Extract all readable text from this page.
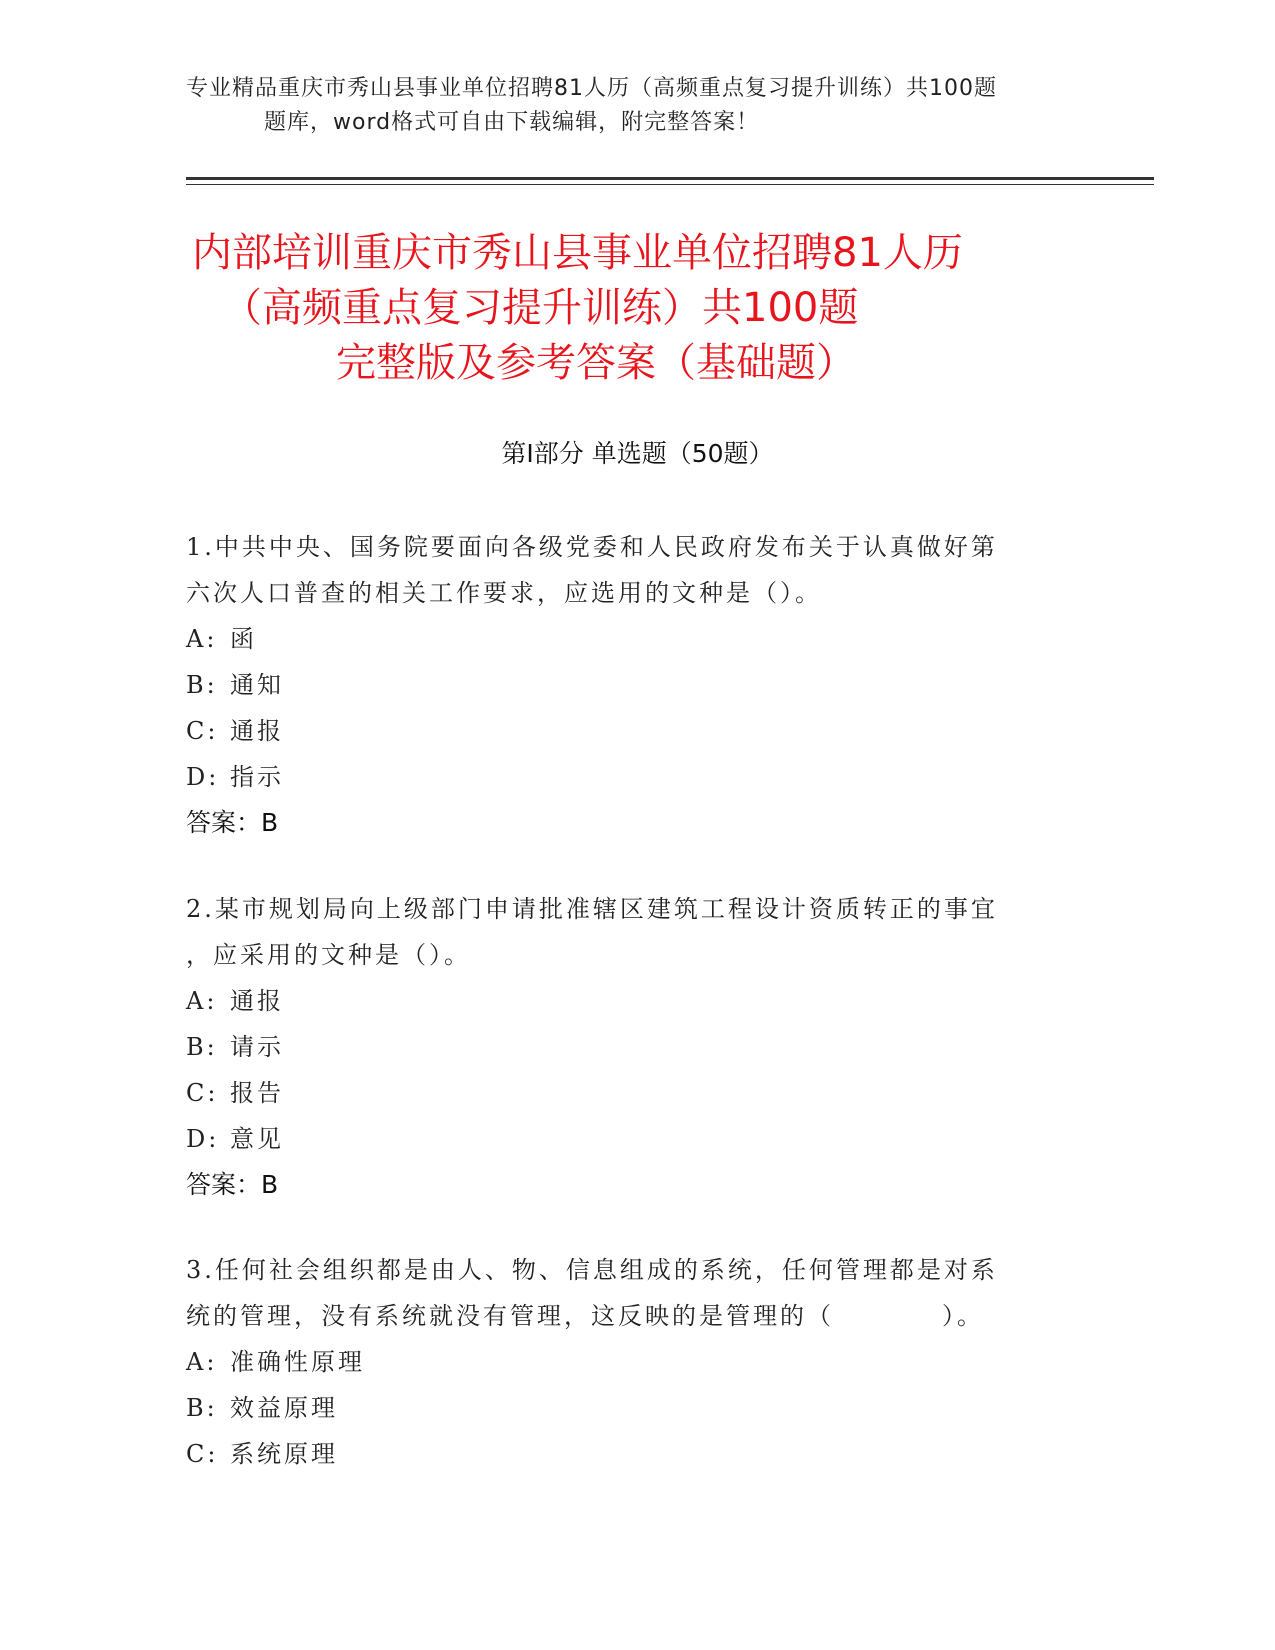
专业精品重庆市秀山县事业单位招聘81人历（高频重点复习提升训练）共100题
题库，word格式可自由下载编辑，附完整答案！
内部培训重庆市秀山县事业单位招聘81人历
（高频重点复习提升训练）共100题
完整版及参考答案（基础题）
第Ⅰ部分 单选题（50题）
1.中共中央、国务院要面向各级党委和人民政府发布关于认真做好第
六次人口普查的相关工作要求，应选用的文种是（）。
A: 函
B: 通知
C: 通报
D: 指示
答案：B
2.某市规划局向上级部门申请批准辖区建筑工程设计资质转正的事宜
，应采用的文种是（）。
A: 通报
B: 请示
C: 报告
D: 意见
答案：B
3.任何社会组织都是由人、物、信息组成的系统，任何管理都是对系
统的管理，没有系统就没有管理，这反映的是管理的（　　　　）。
A: 准确性原理
B: 效益原理
C: 系统原理
